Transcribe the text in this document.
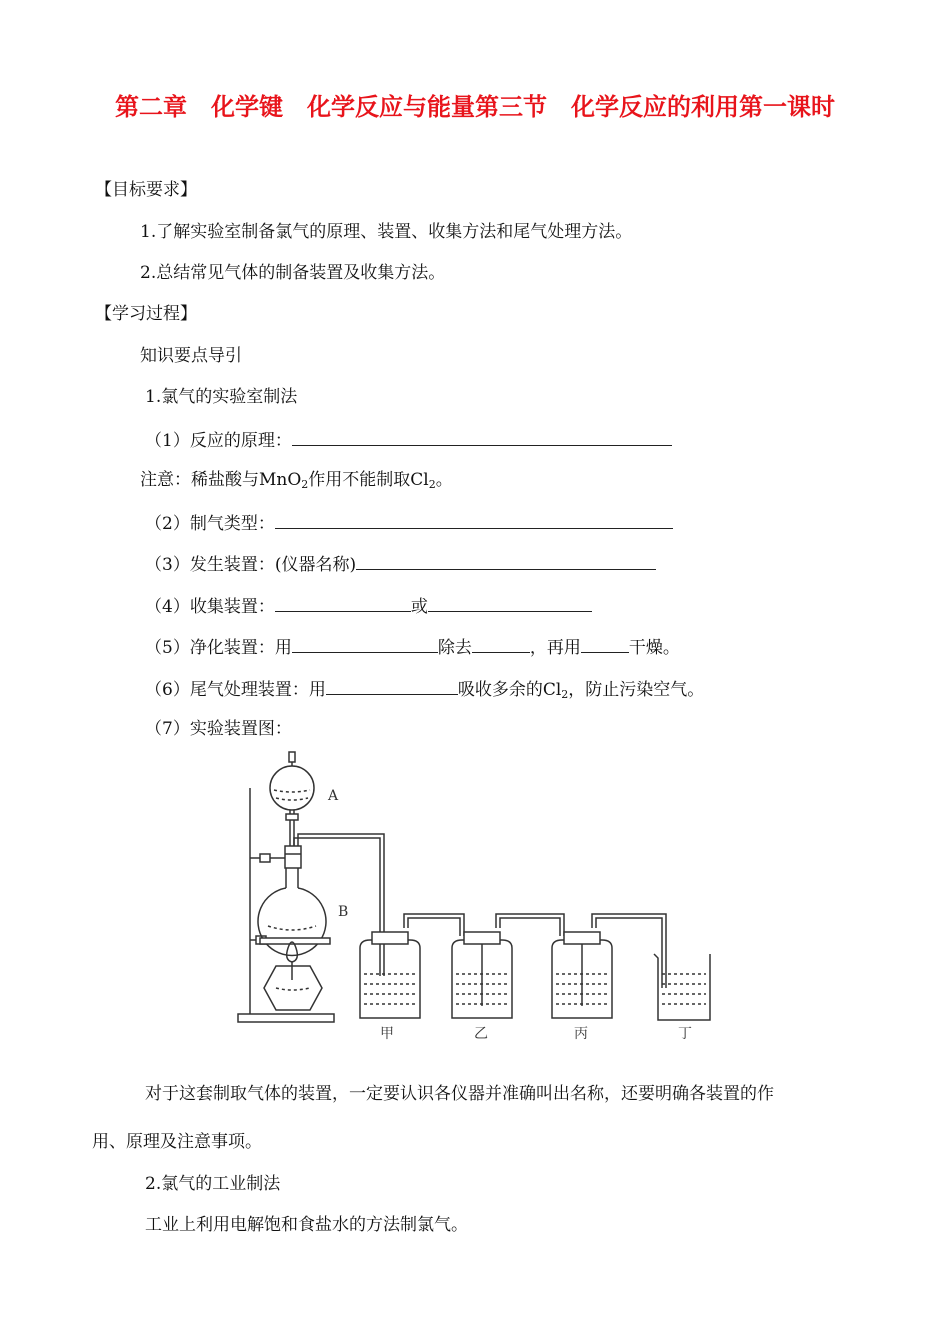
第二章　化学键　化学反应与能量第三节　化学反应的利用第一课时
【目标要求】
1.了解实验室制备氯气的原理、装置、收集方法和尾气处理方法。
2.总结常见气体的制备装置及收集方法。
【学习过程】
知识要点导引
1.氯气的实验室制法
（1）反应的原理：
注意：稀盐酸与MnO$_2$作用不能制取$Cl_2$。
（2）制气类型：
（3）发生装置：(仪器名称)
（4）收集装置：	或
（5）净化装置：用	除去	，再用	干燥。
（6）尾气处理装置：用	吸收多余的$Cl_2$，防止污染空气。
（7）实验装置图：
A
B
甲	乙	丙	丁
对于这套制取气体的装置，一定要认识各仪器并准确叫出名称，还要明确各装置的作
用、原理及注意事项。
2.氯气的工业制法
工业上利用电解饱和食盐水的方法制氯气。
